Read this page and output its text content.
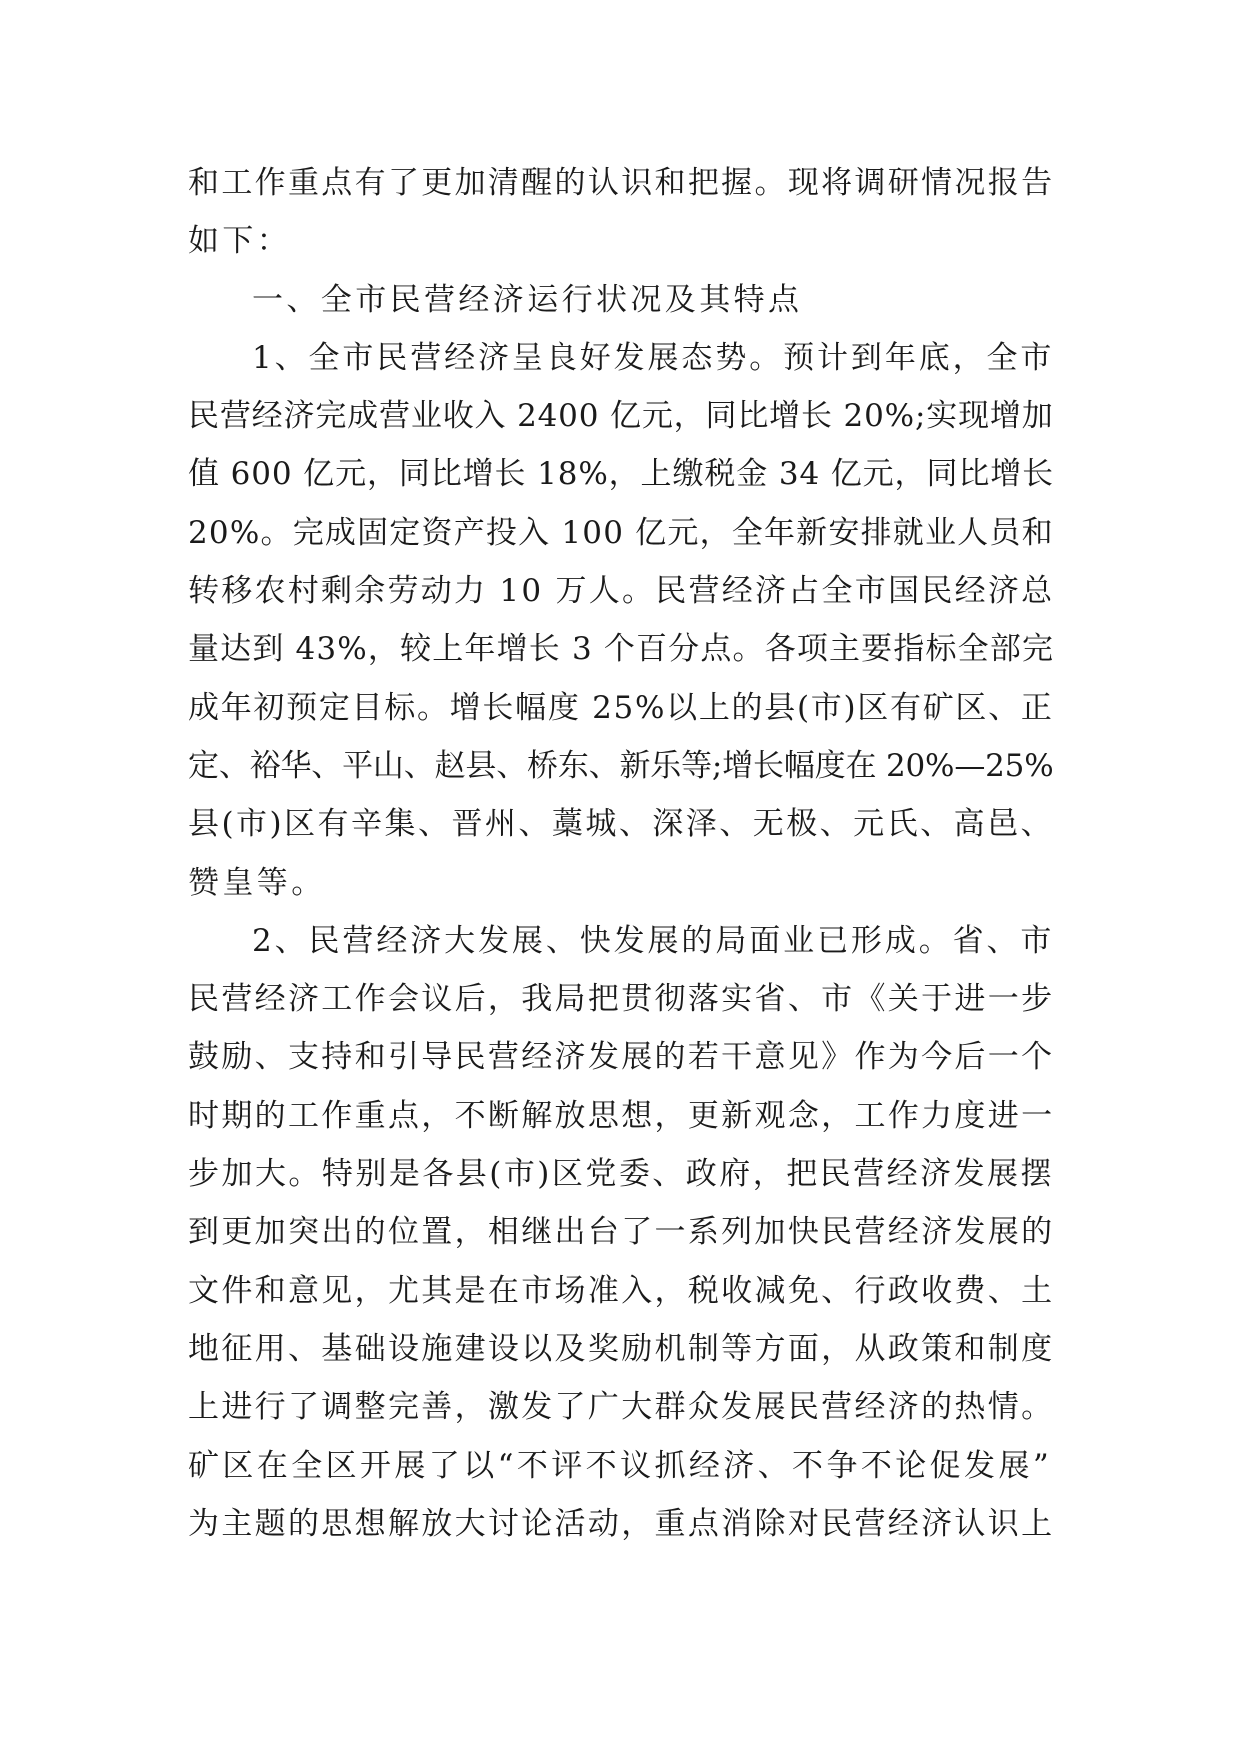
和工作重点有了更加清醒的认识和把握。现将调研情况报告
如下：
一、全市民营经济运行状况及其特点
1、全市民营经济呈良好发展态势。预计到年底，全市
民营经济完成营业收入 2400 亿元，同比增长 20%;实现增加
值 600 亿元，同比增长 18%，上缴税金 34 亿元，同比增长
20%。完成固定资产投入 100 亿元，全年新安排就业人员和
转移农村剩余劳动力 10 万人。民营经济占全市国民经济总
量达到 43%，较上年增长 3 个百分点。各项主要指标全部完
成年初预定目标。增长幅度 25%以上的县(市)区有矿区、正
定、裕华、平山、赵县、桥东、新乐等;增长幅度在 20%—25%
县(市)区有辛集、晋州、藁城、深泽、无极、元氏、高邑、
赞皇等。
2、民营经济大发展、快发展的局面业已形成。省、市
民营经济工作会议后，我局把贯彻落实省、市《关于进一步
鼓励、支持和引导民营经济发展的若干意见》作为今后一个
时期的工作重点，不断解放思想，更新观念，工作力度进一
步加大。特别是各县(市)区党委、政府，把民营经济发展摆
到更加突出的位置，相继出台了一系列加快民营经济发展的
文件和意见，尤其是在市场准入，税收减免、行政收费、土
地征用、基础设施建设以及奖励机制等方面，从政策和制度
上进行了调整完善，激发了广大群众发展民营经济的热情。
矿区在全区开展了以“不评不议抓经济、不争不论促发展”
为主题的思想解放大讨论活动，重点消除对民营经济认识上
